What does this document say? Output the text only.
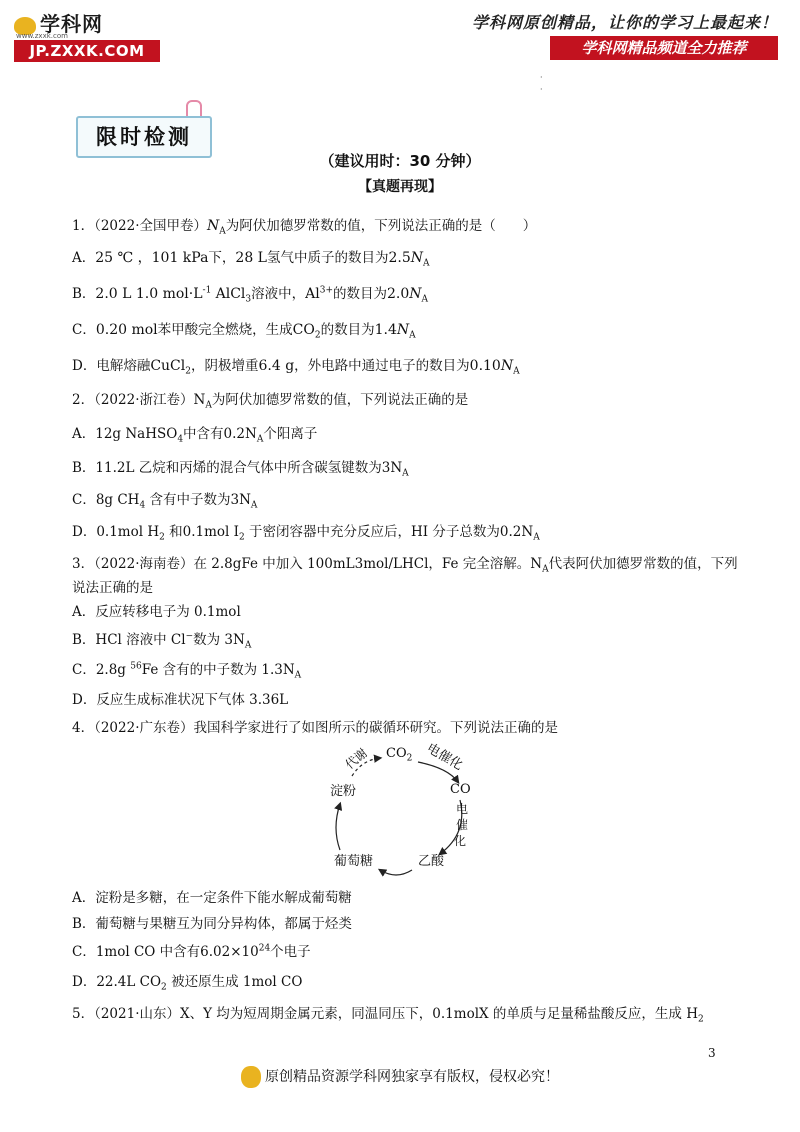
学科网
www.zxxk.com
JP.ZXXK.COM
学科网原创精品，让你的学习上最起来！
学科网精品频道全力推荐
·
·
限时检测
（建议用时：30 分钟）
【真题再现】
1．（2022·全国甲卷）$N_A$为阿伏加德罗常数的值，下列说法正确的是（　　）
A．25 ℃ ，101 kPa下，28 L氢气中质子的数目为$2.5N_A$
B．2.0 L 1.0 $mol\cdot L^{-1}$ AlCl$_3$溶液中，$Al^{3+}$的数目为$2.0N_A$
C．0.20 mol苯甲酸完全燃烧，生成$CO_2$的数目为$1.4N_A$
D．电解熔融CuCl$_2$，阴极增重6.4 g，外电路中通过电子的数目为$0.10N_A$
2．（2022·浙江卷）$N_A$为阿伏加德罗常数的值，下列说法正确的是
A．12g NaHSO$_4$中含有$0.2N_A$个阳离子
B．11.2L 乙烷和丙烯的混合气体中所含碳氢键数为$3N_A$
C．8g $CH_4$ 含有中子数为$3N_A$
D．0.1mol $H_2$ 和0.1mol $I_2$ 于密闭容器中充分反应后，HI 分子总数为$0.2N_A$
3．（2022·海南卷）在 2.8gFe 中加入 100mL3mol/LHCl，Fe 完全溶解。$N_A$代表阿伏加德罗常数的值，下列
说法正确的是
A．反应转移电子为 0.1mol
B．HCl 溶液中 Cl−数为 $3N_A$
C．2.8g $^{56}$Fe 含有的中子数为 $1.3N_A$
D．反应生成标准状况下气体 3.36L
4．（2022·广东卷）我国科学家进行了如图所示的碳循环研究。下列说法正确的是
$CO_2$
CO
乙酸
葡萄糖
淀粉
代谢	电催化
电
催
化
A．淀粉是多糖，在一定条件下能水解成葡萄糖
B．葡萄糖与果糖互为同分异构体，都属于烃类
C．1mol CO 中含有$6.02\times 10^{24}$个电子
D．22.4L $CO_2$ 被还原生成 1mol CO
5．（2021·山东）X、Y 均为短周期金属元素，同温同压下，0.1molX 的单质与足量稀盐酸反应，生成 $H_2$
3
原创精品资源学科网独家享有版权，侵权必究！
